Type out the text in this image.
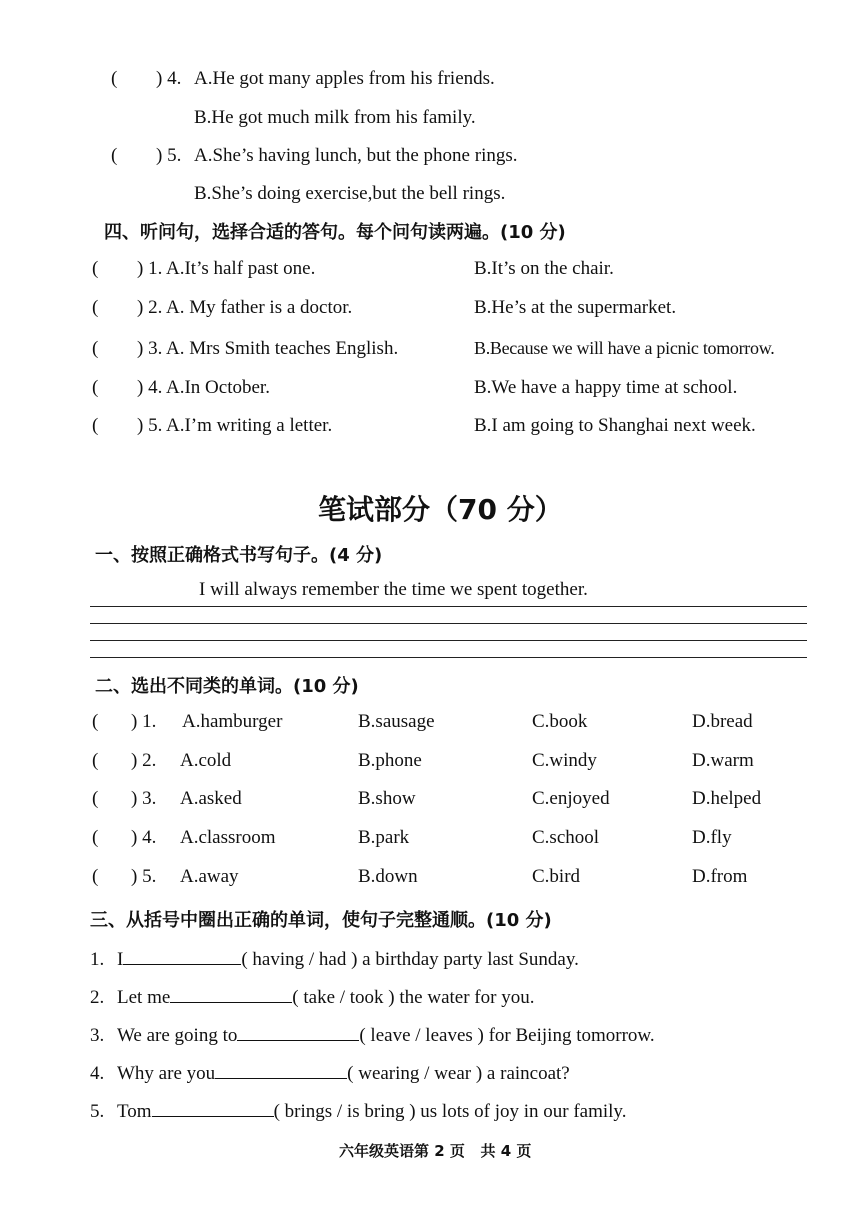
( ) 4. A.He got many apples from his friends.
B.He got much milk from his family.
( ) 5. A.She’s having lunch, but the phone rings.
B.She’s doing exercise,but the bell rings.
四、听问句，选择合适的答句。每个问句读两遍。(10 分)
( ) 1. A.It’s half past one.	B.It’s on the chair.
( ) 2. A. My father is a doctor.	B.He’s at the supermarket.
( ) 3. A. Mrs Smith teaches English.	B.Because we will have a picnic tomorrow.
( ) 4. A.In October.	B.We have a happy time at school.
( ) 5. A.I’m writing a letter.	B.I am going to Shanghai next week.
笔试部分（70 分）
一、按照正确格式书写句子。(4 分)
I will always remember the time we spent together.
二、选出不同类的单词。(10 分)
( ) 1. A.hamburger	B.sausage	C.book	D.bread
( ) 2. A.cold	B.phone	C.windy	D.warm
( ) 3. A.asked	B.show	C.enjoyed	D.helped
( ) 4. A.classroom	B.park	C.school	D.fly
( ) 5. A.away	B.down	C.bird	D.from
三、从括号中圈出正确的单词，使句子完整通顺。(10 分)
1. I	( having / had ) a birthday party last Sunday.
2. Let me	( take / took ) the water for you.
3. We are going to	( leave / leaves ) for Beijing tomorrow.
4. Why are you	( wearing / wear ) a raincoat?
5. Tom	( brings / is bring ) us lots of joy in our family.
六年级英语第 2 页   共 4 页
